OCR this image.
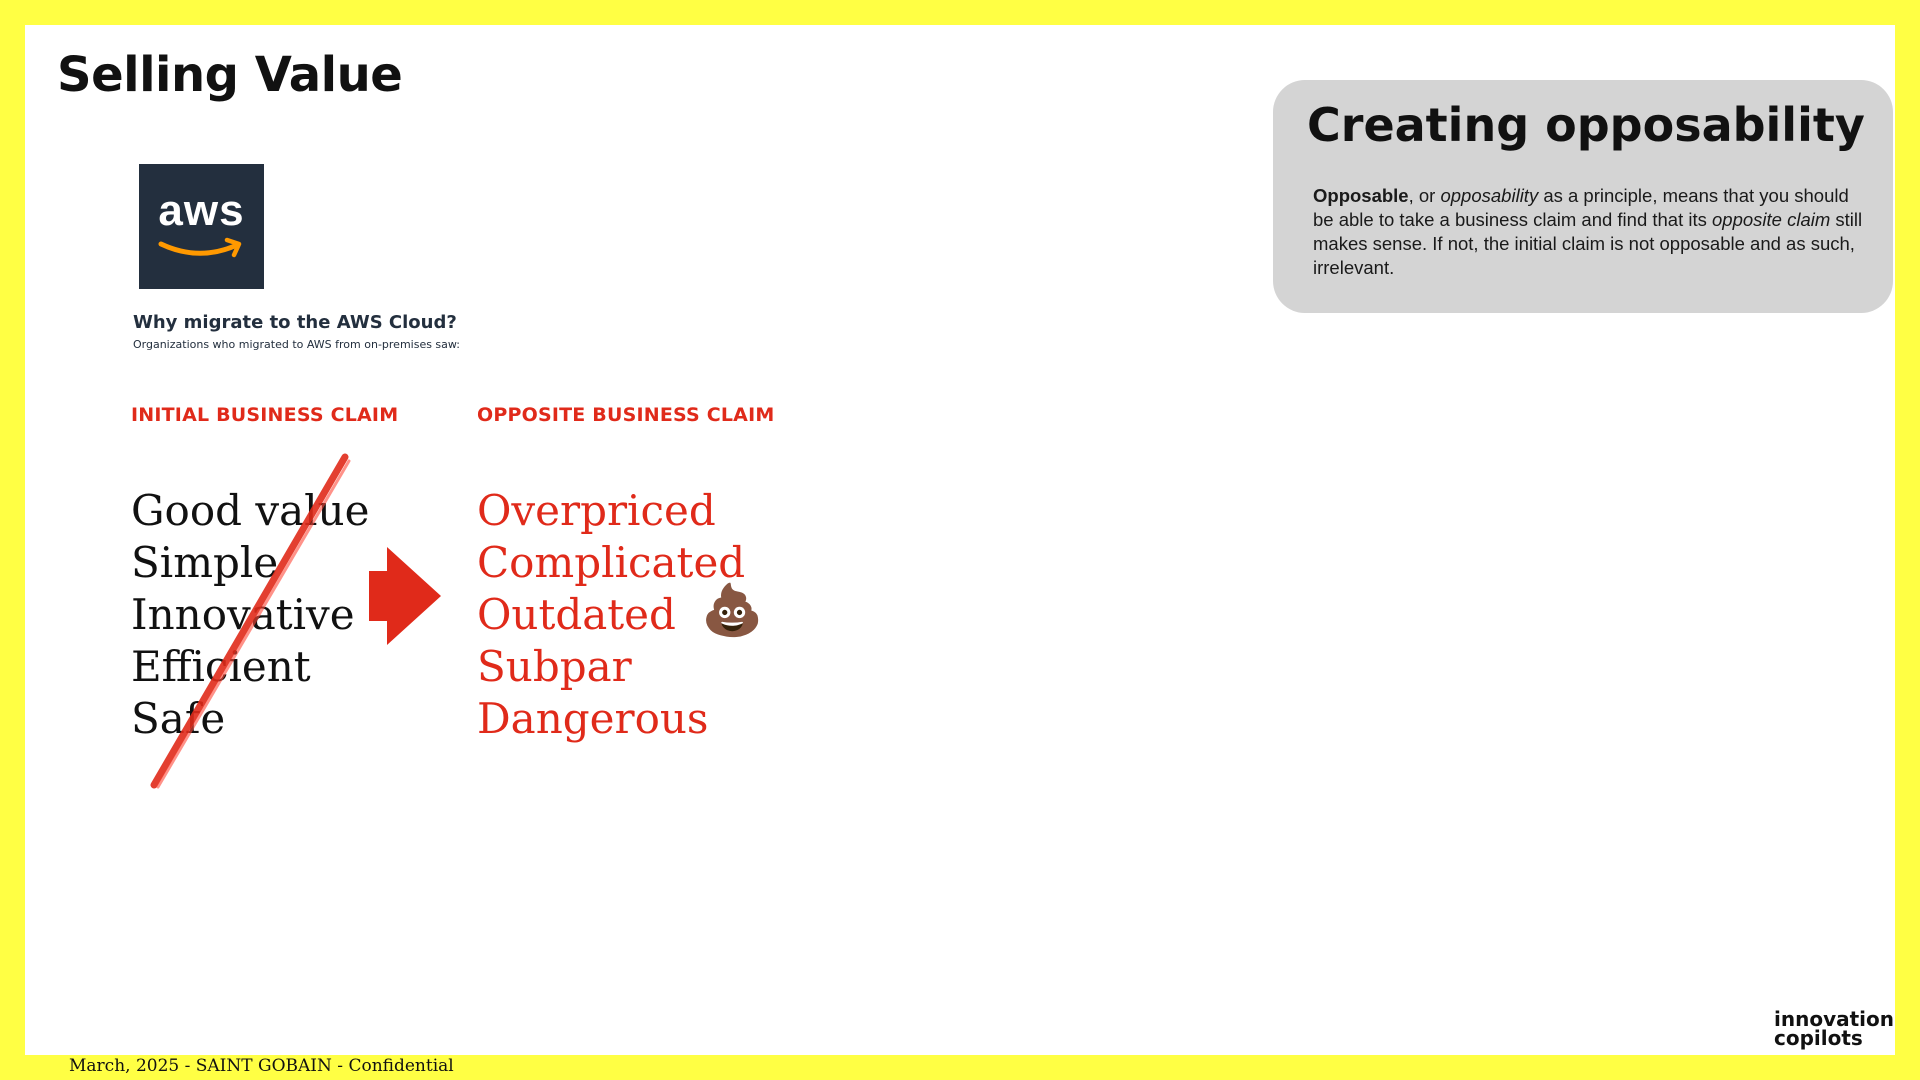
Selling Value
aws
Why migrate to the AWS Cloud?
Organizations who migrated to AWS from on-premises saw:
INITIAL BUSINESS CLAIM	OPPOSITE BUSINESS CLAIM
Good value
Simple
Innovative
Efficient
Safe
Overpriced
Complicated
Outdated
Subpar
Dangerous
💩
Creating opposability
Opposable, or opposability as a principle, means that you should be able to take a business claim and find that its opposite claim still makes sense. If not, the initial claim is not opposable and as such, irrelevant.
March, 2025 - SAINT GOBAIN - Confidential
innovation
copilots
